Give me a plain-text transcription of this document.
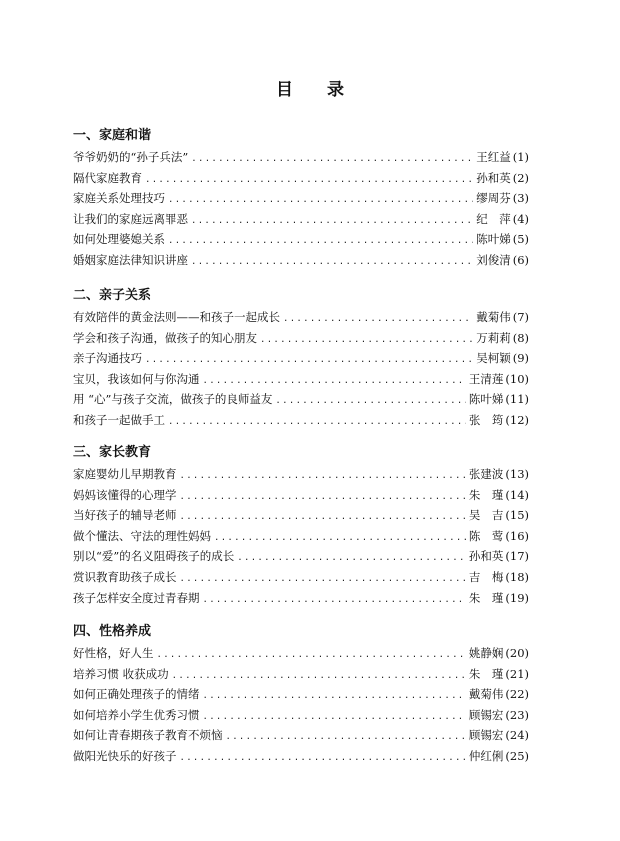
目 录
一、家庭和谐
爷爷奶奶的“孙子兵法” .....	王红益 (1)
隔代家庭教育 .....	孙和英 (2)
家庭关系处理技巧 .....	缪周芬 (3)
让我们的家庭远离罪恶 .....	纪　萍 (4)
如何处理婆媳关系 .....	陈叶娣 (5)
婚姻家庭法律知识讲座 .....	刘俊清 (6)
二、亲子关系
有效陪伴的黄金法则——和孩子一起成长 .....	戴菊伟 (7)
学会和孩子沟通，做孩子的知心朋友 .....	万莉莉 (8)
亲子沟通技巧 .....	吴柯颖 (9)
宝贝，我该如何与你沟通 .....	王清莲 (10)
用 “心”与孩子交流，做孩子的良师益友 .....	陈叶娣 (11)
和孩子一起做手工 .....	张　筠 (12)
三、家长教育
家庭婴幼儿早期教育 .....	张建波 (13)
妈妈该懂得的心理学 .....	朱　瑾 (14)
当好孩子的辅导老师 .....	吴　吉 (15)
做个懂法、守法的理性妈妈 .....	陈　莺 (16)
别以“爱”的名义阻碍孩子的成长 .....	孙和英 (17)
赏识教育助孩子成长 .....	吉　梅 (18)
孩子怎样安全度过青春期 .....	朱　瑾 (19)
四、性格养成
好性格，好人生 .....	姚静娴 (20)
培养习惯 收获成功 .....	朱　瑾 (21)
如何正确处理孩子的情绪 .....	戴菊伟 (22)
如何培养小学生优秀习惯 .....	顾锡宏 (23)
如何让青春期孩子教育不烦恼 .....	顾锡宏 (24)
做阳光快乐的好孩子 .....	仲红俐 (25)
